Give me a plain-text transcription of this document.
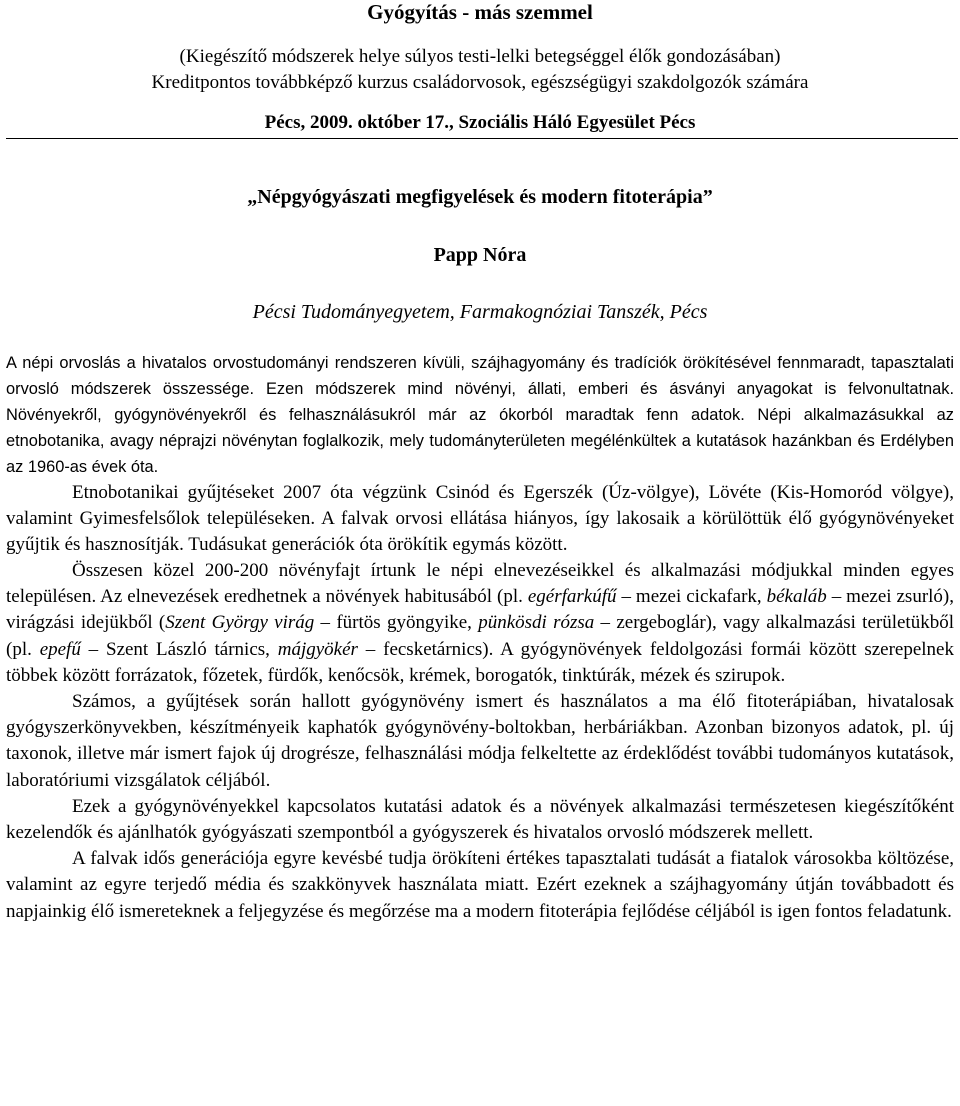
Gyógyítás - más szemmel
(Kiegészítő módszerek helye súlyos testi-lelki betegséggel élők gondozásában)
Kreditpontos továbbképző kurzus családorvosok, egészségügyi szakdolgozók számára
Pécs, 2009. október 17., Szociális Háló Egyesület Pécs
„Népgyógyászati megfigyelések és modern fitoterápia”
Papp Nóra
Pécsi Tudományegyetem, Farmakognóziai Tanszék, Pécs

A népi orvoslás a hivatalos orvostudományi rendszeren kívüli, szájhagyomány és tradíciók örökítésével fennmaradt, tapasztalati orvosló módszerek összessége. Ezen módszerek mind növényi, állati, emberi és ásványi anyagokat is felvonultatnak. Növényekről, gyógynövényekről és felhasználásukról már az ókorból maradtak fenn adatok. Népi alkalmazásukkal az etnobotanika, avagy néprajzi növénytan foglalkozik, mely tudományterületen megélénkültek a kutatások hazánkban és Erdélyben az 1960-as évek óta.

Etnobotanikai gyűjtéseket 2007 óta végzünk Csinód és Egerszék (Úz-völgye), Lövéte (Kis-Homoród völgye), valamint Gyimesfelsőlok településeken. A falvak orvosi ellátása hiányos, így lakosaik a körülöttük élő gyógynövényeket gyűjtik és hasznosítják. Tudásukat generációk óta örökítik egymás között.

Összesen közel 200-200 növényfajt írtunk le népi elnevezéseikkel és alkalmazási módjukkal minden egyes településen. Az elnevezések eredhetnek a növények habitusából (pl. egérfarkúfű – mezei cickafark, békaláb – mezei zsurló), virágzási idejükből (Szent György virág – fürtös gyöngyike, pünkösdi rózsa – zergeboglár), vagy alkalmazási területükből (pl. epefű – Szent László tárnics, májgyökér – fecsketárnics). A gyógynövények feldolgozási formái között szerepelnek többek között forrázatok, főzetek, fürdők, kenőcsök, krémek, borogatók, tinktúrák, mézek és szirupok.

Számos, a gyűjtések során hallott gyógynövény ismert és használatos a ma élő fitoterápiában, hivatalosak gyógyszerkönyvekben, készítményeik kaphatók gyógynövény-boltokban, herbáriákban. Azonban bizonyos adatok, pl. új taxonok, illetve már ismert fajok új drogrésze, felhasználási módja felkeltette az érdeklődést további tudományos kutatások, laboratóriumi vizsgálatok céljából.

Ezek a gyógynövényekkel kapcsolatos kutatási adatok és a növények alkalmazási természetesen kiegészítőként kezelendők és ajánlhatók gyógyászati szempontból a gyógyszerek és hivatalos orvosló módszerek mellett.

A falvak idős generációja egyre kevésbé tudja örökíteni értékes tapasztalati tudását a fiatalok városokba költözése, valamint az egyre terjedő média és szakkönyvek használata miatt. Ezért ezeknek a szájhagyomány útján továbbadott és napjainkig élő ismereteknek a feljegyzése és megőrzése ma a modern fitoterápia fejlődése céljából is igen fontos feladatunk.
